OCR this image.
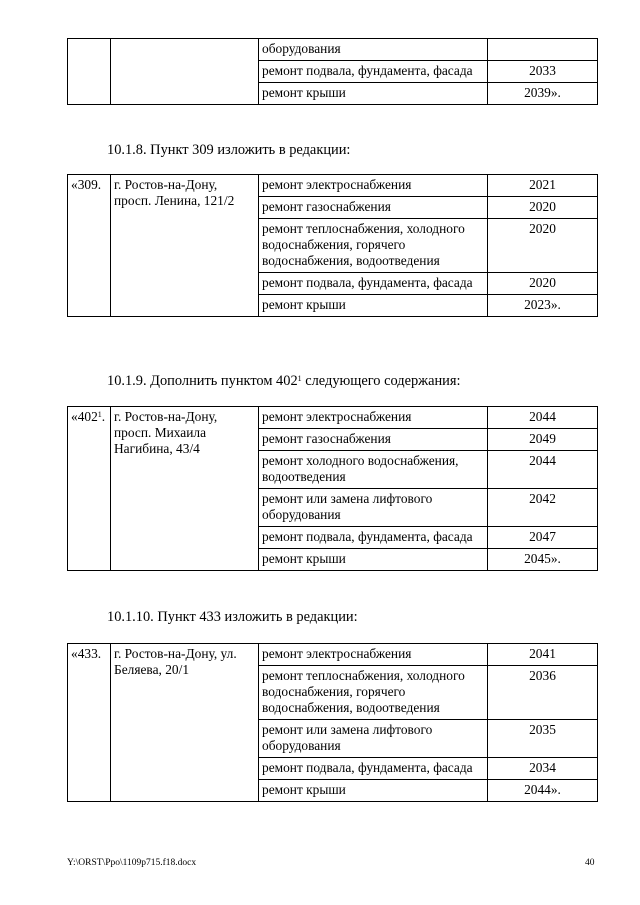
		оборудования	
		ремонт подвала, фундамента, фасада	2033
		ремонт крыши	2039».
10.1.8. Пункт 309 изложить в редакции:
«309.	г. Ростов-на-Дону, просп. Ленина, 121/2	ремонт электроснабжения	2021
		ремонт газоснабжения	2020
		ремонт теплоснабжения, холодного водоснабжения, горячего водоснабжения, водоотведения	2020
		ремонт подвала, фундамента, фасада	2020
		ремонт крыши	2023».
10.1.9. Дополнить пунктом $402^1$ следующего содержания:
«$402^1$.	г. Ростов-на-Дону, просп. Михаила Нагибина, 43/4	ремонт электроснабжения	2044
		ремонт газоснабжения	2049
		ремонт холодного водоснабжения, водоотведения	2044
		ремонт или замена лифтового оборудования	2042
		ремонт подвала, фундамента, фасада	2047
		ремонт крыши	2045».
10.1.10. Пункт 433 изложить в редакции:
«433.	г. Ростов-на-Дону, ул. Беляева, 20/1	ремонт электроснабжения	2041
		ремонт теплоснабжения, холодного водоснабжения, горячего водоснабжения, водоотведения	2036
		ремонт или замена лифтового оборудования	2035
		ремонт подвала, фундамента, фасада	2034
		ремонт крыши	2044».
Y:\ORST\Ppo\1109p715.f18.docx	40
